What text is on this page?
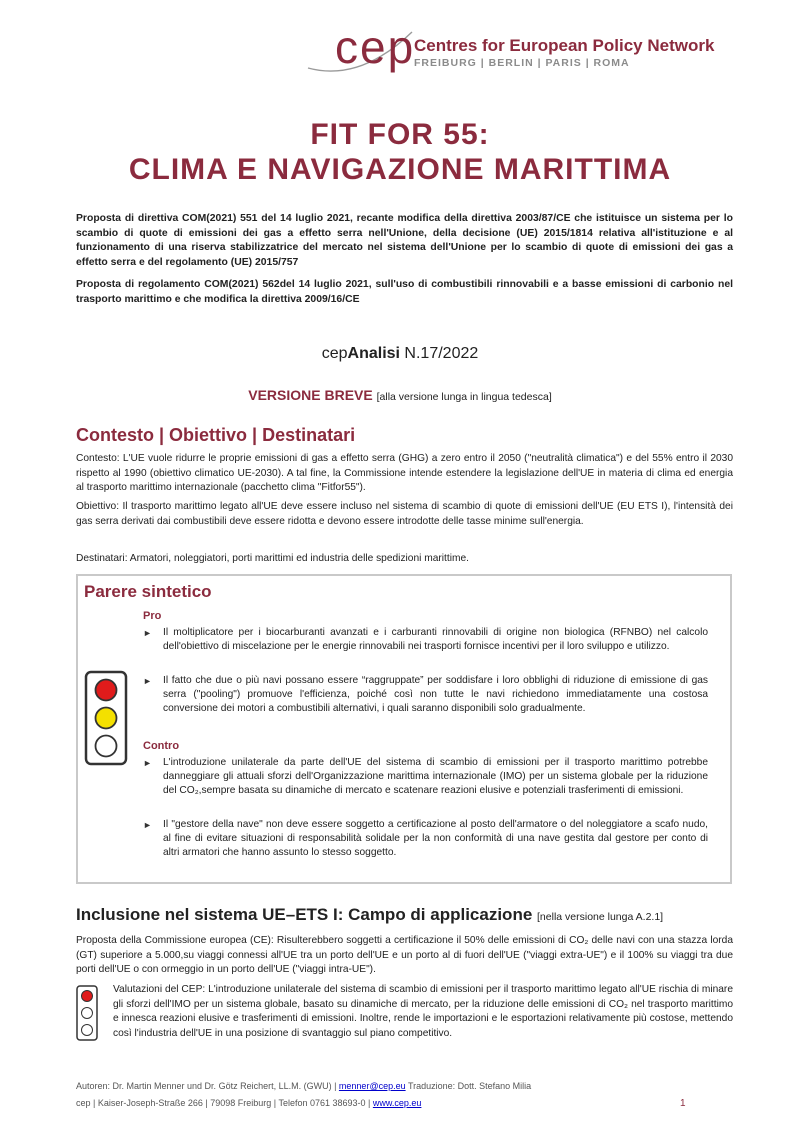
cep
Centres for European Policy Network
FREIBURG | BERLIN | PARIS | ROMA
FIT FOR 55:
CLIMA E NAVIGAZIONE MARITTIMA
Proposta di direttiva COM(2021) 551 del 14 luglio 2021, recante modifica della direttiva 2003/87/CE che istituisce un sistema per lo scambio di quote di emissioni dei gas a effetto serra nell'Unione, della decisione (UE) 2015/1814 relativa all'istituzione e al funzionamento di una riserva stabilizzatrice del mercato nel sistema dell'Unione per lo scambio di quote di emissioni dei gas a effetto serra e del regolamento (UE) 2015/757
Proposta di regolamento COM(2021) 562del 14 luglio 2021, sull'uso di combustibili rinnovabili e a basse emissioni di carbonio nel trasporto marittimo e che modifica la direttiva 2009/16/CE
cepAnalisi N.17/2022
VERSIONE BREVE [alla versione lunga in lingua tedesca]
Contesto | Obiettivo | Destinatari
Contesto: L'UE vuole ridurre le proprie emissioni di gas a effetto serra (GHG) a zero entro il 2050 ("neutralità climatica") e del 55% entro il 2030 rispetto al 1990 (obiettivo climatico UE-2030). A tal fine, la Commissione intende estendere la legislazione dell'UE in materia di clima ed energia al trasporto marittimo internazionale (pacchetto clima "Fitfor55").
Obiettivo: Il trasporto marittimo legato all'UE deve essere incluso nel sistema di scambio di quote di emissioni dell'UE (EU ETS I), l'intensità dei gas serra derivati dai combustibili deve essere ridotta e devono essere introdotte delle tasse minime sull'energia.
Destinatari: Armatori, noleggiatori, porti marittimi ed industria delle spedizioni marittime.
Parere sintetico
Pro
► Il moltiplicatore per i biocarburanti avanzati e i carburanti rinnovabili di origine non biologica (RFNBO) nel calcolo dell'obiettivo di miscelazione per le energie rinnovabili nei trasporti fornisce incentivi per il loro sviluppo e utilizzo.
► Il fatto che due o più navi possano essere “raggruppate” per soddisfare i loro obblighi di riduzione di emissione di gas serra ("pooling") promuove l'efficienza, poiché così non tutte le navi richiedono immediatamente una costosa conversione dei motori a combustibili alternativi, i quali saranno disponibili solo gradualmente.
Contro
► L'introduzione unilaterale da parte dell'UE del sistema di scambio di emissioni per il trasporto marittimo potrebbe danneggiare gli attuali sforzi dell'Organizzazione marittima internazionale (IMO) per un sistema globale per la riduzione del CO₂,sempre basata su dinamiche di mercato e scatenare reazioni elusive e potenziali trasferimenti di emissioni.
► Il "gestore della nave" non deve essere soggetto a certificazione al posto dell'armatore o del noleggiatore a scafo nudo, al fine di evitare situazioni di responsabilità solidale per la non conformità di una nave gestita dal gestore per conto di altri armatori che hanno assunto lo stesso soggetto.
Inclusione nel sistema UE–ETS I: Campo di applicazione [nella versione lunga A.2.1]
Proposta della Commissione europea (CE): Risulterebbero soggetti a certificazione il 50% delle emissioni di CO₂ delle navi con una stazza lorda (GT) superiore a 5.000,su viaggi connessi all'UE tra un porto dell'UE e un porto al di fuori dell'UE ("viaggi extra-UE") e il 100% su viaggi tra due porti dell'UE o con ormeggio in un porto dell'UE ("viaggi intra-UE").
Valutazioni del CEP: L'introduzione unilaterale del sistema di scambio di emissioni per il trasporto marittimo legato all'UE rischia di minare gli sforzi dell'IMO per un sistema globale, basato su dinamiche di mercato, per la riduzione delle emissioni di CO₂ nel trasporto marittimo e innesca reazioni elusive e trasferimenti di emissioni. Inoltre, rende le importazioni e le esportazioni relativamente più costose, mettendo così l'industria dell'UE in una posizione di svantaggio sul piano competitivo.
Autoren: Dr. Martin Menner und Dr. Götz Reichert, LL.M. (GWU) | menner@cep.eu Traduzione: Dott. Stefano Milia
cep | Kaiser-Joseph-Straße 266 | 79098 Freiburg | Telefon 0761 38693-0 | www.cep.eu	1
